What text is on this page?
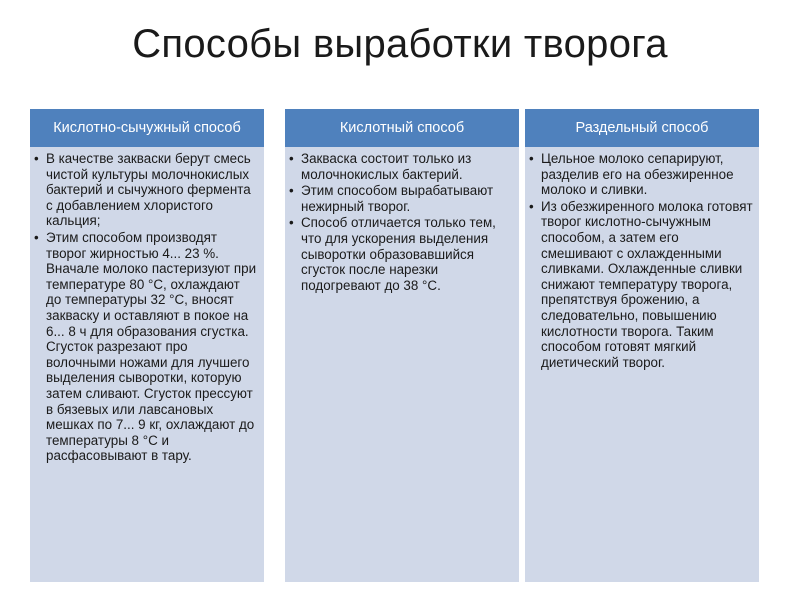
Способы выработки творога
Кислотно-сычужный способ
• В качестве закваски берут смесь чистой культуры молочнокислых бактерий и сычужного фермента с добавлением хлористого кальция;
• Этим способом производят творог жирностью 4... 23 %. Вначале молоко пастеризуют при температуре 80 °С, охлаждают до температуры 32 °С, вносят закваску и оставляют в покое на 6... 8 ч для образования сгустка. Сгусток разрезают про волочными ножами для лучшего выделения сыворотки, которую затем сливают. Сгусток прессуют в бязевых или лавсановых мешках по 7... 9 кг, охлаждают до температуры 8 °С и расфасовывают в тару.
Кислотный способ
• Закваска состоит только из молочнокислых бактерий.
• Этим способом вырабатывают нежирный творог.
• Способ отличается только тем, что для ускорения выделения сыворотки образовавшийся сгусток после нарезки подогревают до 38 °С.
Раздельный способ
• Цельное молоко сепарируют, разделив его на обезжиренное молоко и сливки.
• Из обезжиренного молока готовят творог кислотно-сычужным способом, а затем его смешивают с охлажденными сливками. Охлажденные сливки снижают температуру творога, препятствуя брожению, а следовательно, повышению кислотности творога. Таким способом готовят мягкий диетический творог.
